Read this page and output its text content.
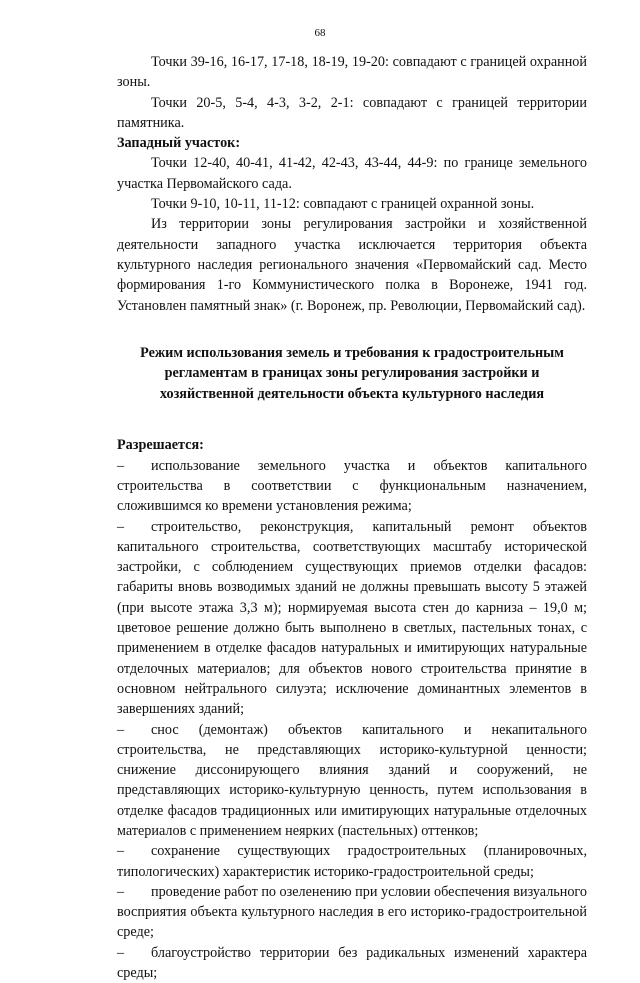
68

Точки 39-16, 16-17, 17-18, 18-19, 19-20: совпадают с границей охранной зоны.

Точки 20-5, 5-4, 4-3, 3-2, 2-1: совпадают с границей территории памятника.

Западный участок:

Точки 12-40, 40-41, 41-42, 42-43, 43-44, 44-9: по границе земельного участка Первомайского сада.

Точки 9-10, 10-11, 11-12: совпадают с границей охранной зоны.

Из территории зоны регулирования застройки и хозяйственной деятельности западного участка исключается территория объекта культурного наследия регионального значения «Первомайский сад. Место формирования 1-го Коммунистического полка в Воронеже, 1941 год. Установлен памятный знак» (г. Воронеж, пр. Революции, Первомайский сад).

Режим использования земель и требования к градостроительным регламентам в границах зоны регулирования застройки и хозяйственной деятельности объекта культурного наследия

Разрешается:

– использование земельного участка и объектов капитального строительства в соответствии с функциональным назначением, сложившимся ко времени установления режима;

– строительство, реконструкция, капитальный ремонт объектов капитального строительства, соответствующих масштабу исторической застройки, с соблюдением существующих приемов отделки фасадов: габариты вновь возводимых зданий не должны превышать высоту 5 этажей (при высоте этажа 3,3 м); нормируемая высота стен до карниза – 19,0 м; цветовое решение должно быть выполнено в светлых, пастельных тонах, с применением в отделке фасадов натуральных и имитирующих натуральные отделочных материалов; для объектов нового строительства принятие в основном нейтрального силуэта; исключение доминантных элементов в завершениях зданий;

– снос (демонтаж) объектов капитального и некапитального строительства, не представляющих историко-культурной ценности; снижение диссонирующего влияния зданий и сооружений, не представляющих историко-культурную ценность, путем использования в отделке фасадов традиционных или имитирующих натуральные отделочных материалов с применением неярких (пастельных) оттенков;

– сохранение существующих градостроительных (планировочных, типологических) характеристик историко-градостроительной среды;

– проведение работ по озеленению при условии обеспечения визуального восприятия объекта культурного наследия в его историко-градостроительной среде;

– благоустройство территории без радикальных изменений характера среды;
